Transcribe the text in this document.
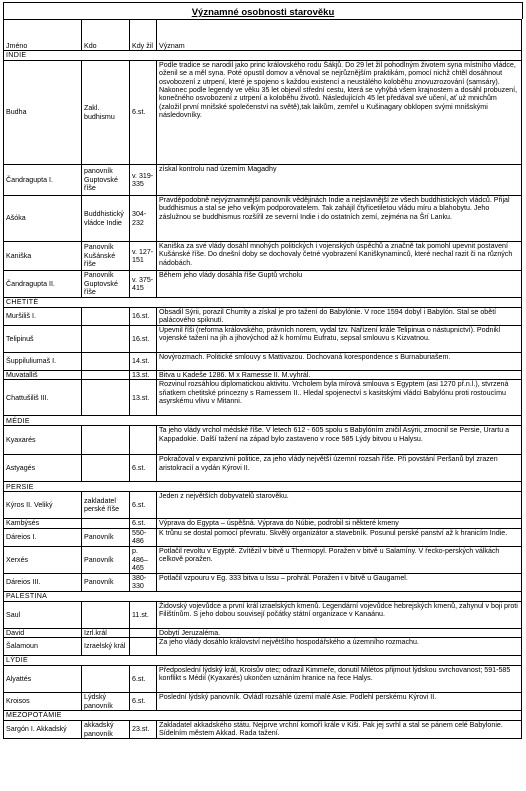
Významné osobnosti starověku
Jméno	Kdo	Kdy žil	Význam
INDIE			
Budha	Zakl. budhismu	6.st.	Podle tradice se narodil jako princ královského rodu Šákjů. Do 29 let žil pohodlným životem syna místního vládce, oženil se a měl syna. Poté opustil domov a věnoval se nejrůznějším praktikám, pomocí nichž chtěl dosáhnout osvobození z utrpení, které je spojeno s každou existencí a neustálého koloběhu znovuzrozování (samsáry). Nakonec podle legendy ve věku 35 let objevil střední cestu, která se vyhýbá všem krajnostem a dosáhl probuzení, konečného osvobození z utrpení a koloběhu životů. Následujících 45 let předával své učení, ať už mnichům (založil první mnišské společenství na světě),tak laikům, zemřel u Kušinagary obklopen svými mnišskými následovníky.
Čandragupta I.	panovník Guptovské říše	v. 319-335	získal kontrolu nad územím Magadhy
Ašóka	Buddhistický vládce Indie	304-232	Pravděpodobně nejvýznamnější panovník vědějinách Indie a nejslavnější ze všech buddhistických vládců. Přijal buddhismus a stal se jeho velkým podporovatelem. Tak zahájil čtyřicetiletou vládu míru a blahobytu. Jeho záslužnou se buddhismus rozšířil ze severní Indie i do ostatních zemí, zejména na Šrí Lanku.
Kaniška	Panovník Kušánské říše	v. 127-151	Kaniška za své vlády dosáhl mnohých politických i vojenských úspěchů a značně tak pomohl upevnit postavení Kušánské říše. Do dnešní doby se dochovaly četné vyobrazení Kaniškynaminců, které nechal razit či na různých nádobách.
Čandragupta II.	Panovník Guptovské říše	v. 375-415	Během jeho vlády dosáhla říše Guptů vrcholu
CHETITÉ			
Muršiliš I.		16.st.	Obsadil Sýrii, porazil Churrity a získal je pro tažení do Babylónie. V roce 1594 dobyl i Babylón. Stal se obětí palácového spiknutí.
Telipinuš		16.st.	Upevnil říši (reforma královského, právních norem, vydal tzv. Nařízení krále Telipinua o nástupnictví). Podnikl vojenské tažení na jih a jihovýchod až k hornímu Eufratu, sepsal smlouvu s Kizvatnou.
Šuppiluliumaš I.		14.st.	Novýrozmach. Politické smlouvy s Mattivazou. Dochovaná korespondence s Burnaburiašem.
Muvatalliš		13.st.	Bitva u Kadeše 1286. M x Ramesse II. M.vyhrál.
Chattušiliš III.		13.st.	Rozvinul rozsáhlou diplomatickou aktivitu. Vrcholem byla mírová smlouva s Egyptem (asi 1270 př.n.l.), stvrzená sňatkem chetitské princezny s Ramessem II.. Hledal spojenectví s kasitskými vládci Babylónu proti rostoucímu asyrskému vlivu v Mitanni.
MÉDIE			
Kyaxarés			Ta jeho vlády vrchol médské říše. V letech 612 - 605 spolu s Babylóním zničil Asýrii, zmocnil se Persie, Urartu a Kappadokie. Další tažení na západ bylo zastaveno v roce 585 Lýdy bitvou u Halysu.
Astyagés		6.st.	Pokračoval v expanzivní politice, za jeho vlády největší územní rozsah říše. Při povstání Peršanů byl zrazen aristokracií a vydán Kýrovi II.
PERSIE			
Kýros II. Veliký	zakladatel perské říše	6.st.	Jeden z největších dobyvatelů starověku.
Kambýsés		6.st.	Výprava do Egypta – úspěšná. Výprava do Núbie, podrobil si některé kmeny
Dáreios I.	Panovník	550-486	K trůnu se dostal pomocí převratu. Skvělý organizátor a stavebník. Posunul perské panství až k hranicím Indie.
Xerxés	Panovník	p. 486–465	Potlačil revoltu v Egyptě. Zvítězil v bitvě u Thermopyl. Poražen v bitvě u Salamíny. V řecko-perských válkách celkově poražen.
Dáreios III.	Panovník	380-330	Potlačil vzpouru v Eg. 333 bitva u Issu – prohrál. Poražen i v bitvě u Gaugamel.
PALESTINA			
Saul		11.st.	Židovský vojevůdce a první král izraelských kmenů. Legendární vojevůdce hebrejských kmenů, zahynul v boji proti Filištínům. S jeho dobou souvisejí počátky státní organizace v Kanaánu.
David	Izrl.král		Dobytí Jeruzaléma.
Šalamoun	Izraelský král		Za jeho vlády dosáhlo království největšího hospodářského a územního rozmachu.
LÝDIE			
Alyattés		6.st.	Předposlední lýdský král, Kroisův otec; odrazil Kimmeře, donutil Milétos přijmout lýdskou svrchovanost; 591-585 konflikt s Médií (Kyaxarés) ukončen uznáním hranice na řece Halys.
Kroisos	Lýdský panovník	6.st.	Poslední lýdský panovník. Ovládl rozsáhlé území malé Asie. Podlehl perskému Kýrovi II.
MEZOPOTÁMIE			
Sargón I. Akkadský	akkadský panovník	23.st.	Zakladatel akkadského státu. Nejprve vrchní komoří krále v Kiši. Pak jej svrhl a stal se pánem celé Babylonie. Sídelním městem Akkad. Rada tažení.
